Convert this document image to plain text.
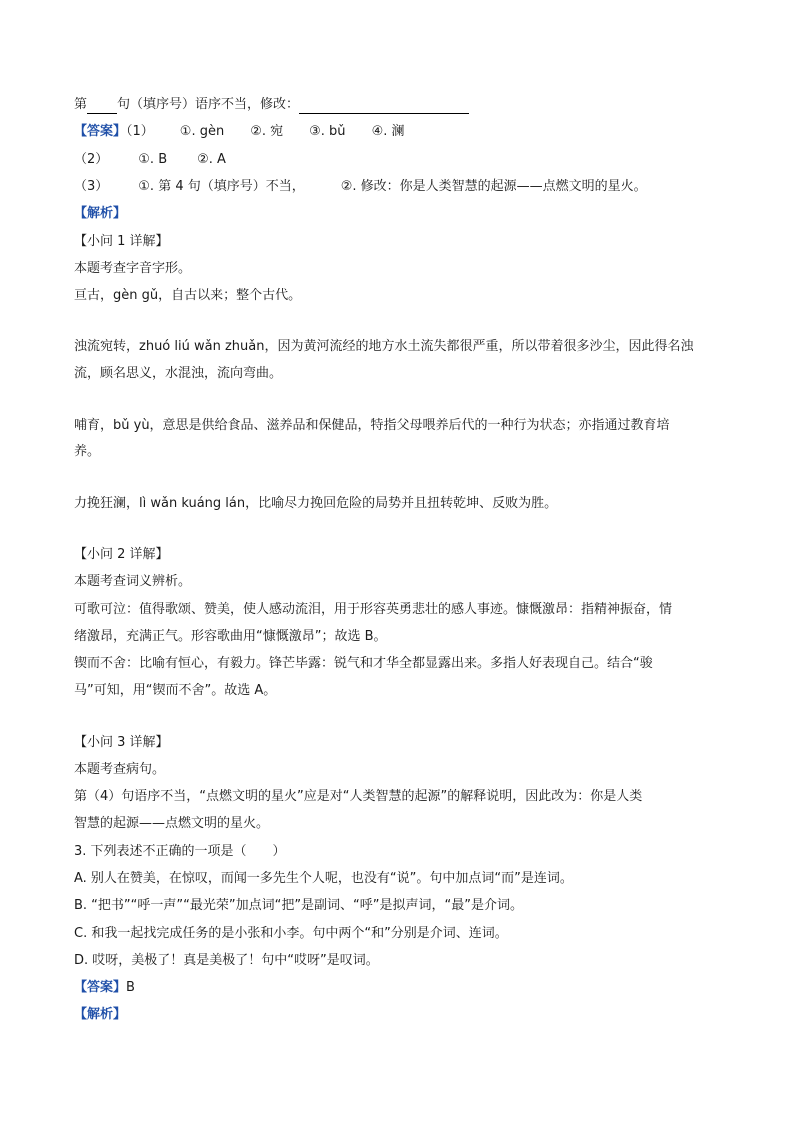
第 句（填序号）语序不当，修改：
【答案】（1） ①. gèn ②. 宛 ③. bǔ ④. 澜
（2） ①. B ②. A
（3） ①. 第 4 句（填序号）不当，	②. 修改：你是人类智慧的起源——点燃文明的星火。
【解析】
【小问 1 详解】
本题考查字音字形。
亘古，gèn gǔ，自古以来；整个古代。
浊流宛转，zhuó liú wǎn zhuǎn，因为黄河流经的地方水土流失都很严重，所以带着很多沙尘，因此得名浊
流，顾名思义，水混浊，流向弯曲。
哺育，bǔ yù，意思是供给食品、滋养品和保健品，特指父母喂养后代的一种行为状态；亦指通过教育培
养。
力挽狂澜，lì wǎn kuáng lán，比喻尽力挽回危险的局势并且扭转乾坤、反败为胜。
【小问 2 详解】
本题考查词义辨析。
可歌可泣：值得歌颂、赞美，使人感动流泪，用于形容英勇悲壮的感人事迹。慷慨激昂：指精神振奋，情
绪激昂，充满正气。形容歌曲用“慷慨激昂”；故选 B。
锲而不舍：比喻有恒心，有毅力。锋芒毕露：锐气和才华全都显露出来。多指人好表现自己。结合“骏
马”可知，用“锲而不舍”。故选 A。
【小问 3 详解】
本题考查病句。
第（4）句语序不当，“点燃文明的星火”应是对“人类智慧的起源”的解释说明，因此改为：你是人类
智慧的起源——点燃文明的星火。
3. 下列表述不正确的一项是（　　）
A. 别人在赞美，在惊叹，而闻一多先生个人呢，也没有“说”。句中加点词“而”是连词。
B. “把书”“呼一声”“最光荣”加点词“把”是副词、“呼”是拟声词，“最”是介词。
C. 和我一起找完成任务的是小张和小李。句中两个“和”分别是介词、连词。
D. 哎呀，美极了！真是美极了！句中“哎呀”是叹词。
【答案】B
【解析】
